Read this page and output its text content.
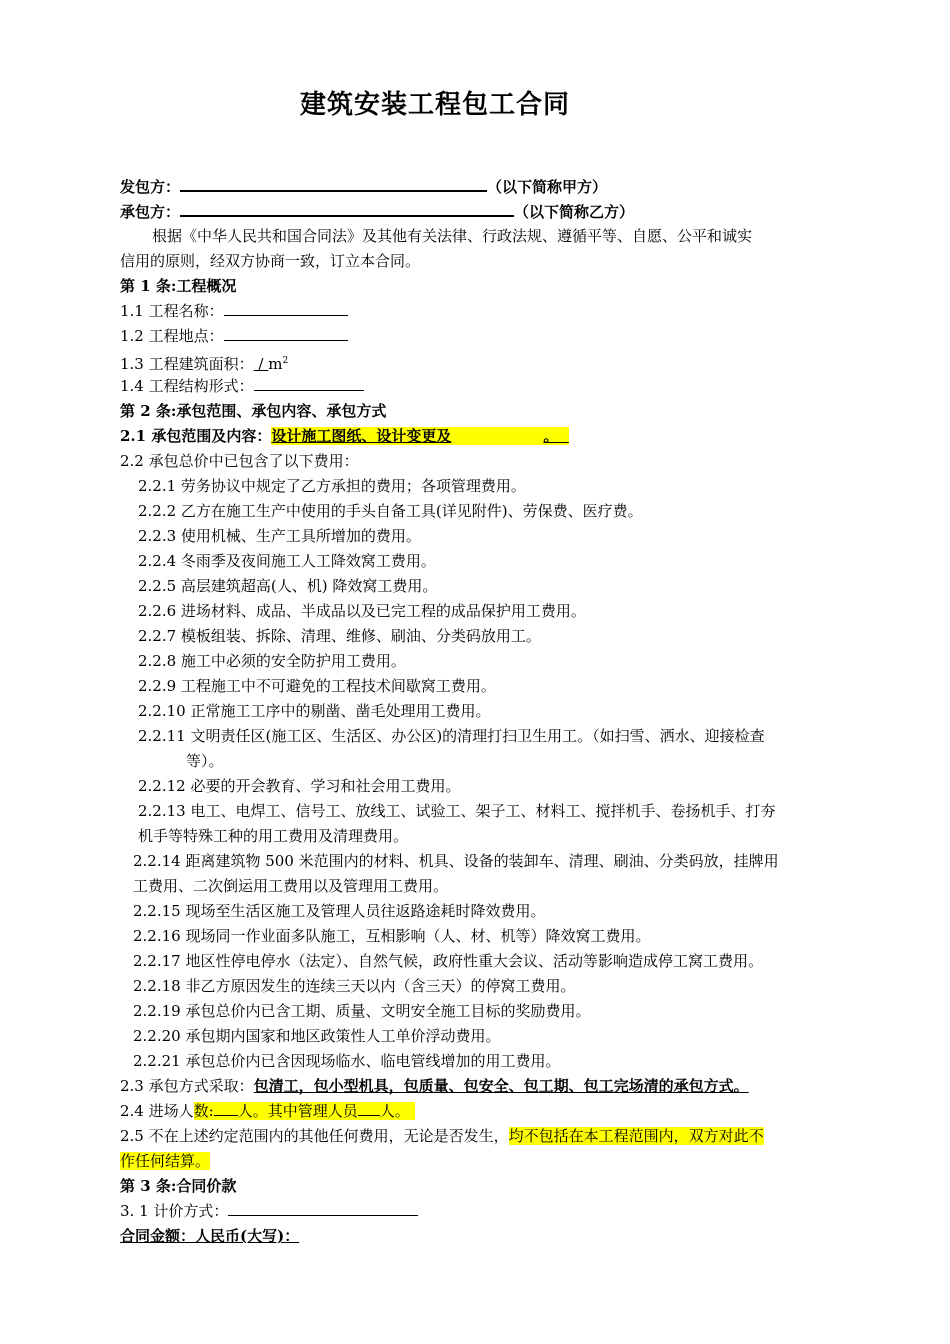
建筑安装工程包工合同
发包方：	（以下简称甲方）
承包方：	（以下简称乙方）
根据《中华人民共和国合同法》及其他有关法律、行政法规、遵循平等、自愿、公平和诚实
信用的原则，经双方协商一致，订立本合同。
第 1 条:工程概况
1.1 工程名称：
1.2 工程地点：
1.3 工程建筑面积： / $m^2$
1.4 工程结构形式：
第 2 条:承包范围、承包内容、承包方式
2.1 承包范围及内容：设计施工图纸、设计变更及	。
2.2 承包总价中已包含了以下费用：
2.2.1 劳务协议中规定了乙方承担的费用；各项管理费用。
2.2.2 乙方在施工生产中使用的手头自备工具(详见附件)、劳保费、医疗费。
2.2.3 使用机械、生产工具所增加的费用。
2.2.4 冬雨季及夜间施工人工降效窝工费用。
2.2.5 高层建筑超高(人、机) 降效窝工费用。
2.2.6 进场材料、成品、半成品以及已完工程的成品保护用工费用。
2.2.7 模板组装、拆除、清理、维修、刷油、分类码放用工。
2.2.8 施工中必须的安全防护用工费用。
2.2.9 工程施工中不可避免的工程技术间歇窝工费用。
2.2.10 正常施工工序中的剔凿、凿毛处理用工费用。
2.2.11 文明责任区(施工区、生活区、办公区)的清理打扫卫生用工。（如扫雪、洒水、迎接检查
等）。
2.2.12 必要的开会教育、学习和社会用工费用。
2.2.13 电工、电焊工、信号工、放线工、试验工、架子工、材料工、搅拌机手、卷扬机手、打夯
机手等特殊工种的用工费用及清理费用。
2.2.14 距离建筑物 500 米范围内的材料、机具、设备的装卸车、清理、刷油、分类码放，挂牌用
工费用、二次倒运用工费用以及管理用工费用。
2.2.15 现场至生活区施工及管理人员往返路途耗时降效费用。
2.2.16 现场同一作业面多队施工，互相影响（人、材、机等）降效窝工费用。
2.2.17 地区性停电停水（法定）、自然气候，政府性重大会议、活动等影响造成停工窝工费用。
2.2.18 非乙方原因发生的连续三天以内（含三天）的停窝工费用。
2.2.19 承包总价内已含工期、质量、文明安全施工目标的奖励费用。
2.2.20 承包期内国家和地区政策性人工单价浮动费用。
2.2.21 承包总价内已含因现场临水、临电管线增加的用工费用。
2.3 承包方式采取：包清工，包小型机具，包质量、包安全、包工期、包工完场清的承包方式。
2.4 进场人数: 人。其中管理人员 人。
2.5 不在上述约定范围内的其他任何费用，无论是否发生，均不包括在本工程范围内，双方对此不
作任何结算。
第 3 条:合同价款
3. 1 计价方式：
合同金额：人民币(大写)：
